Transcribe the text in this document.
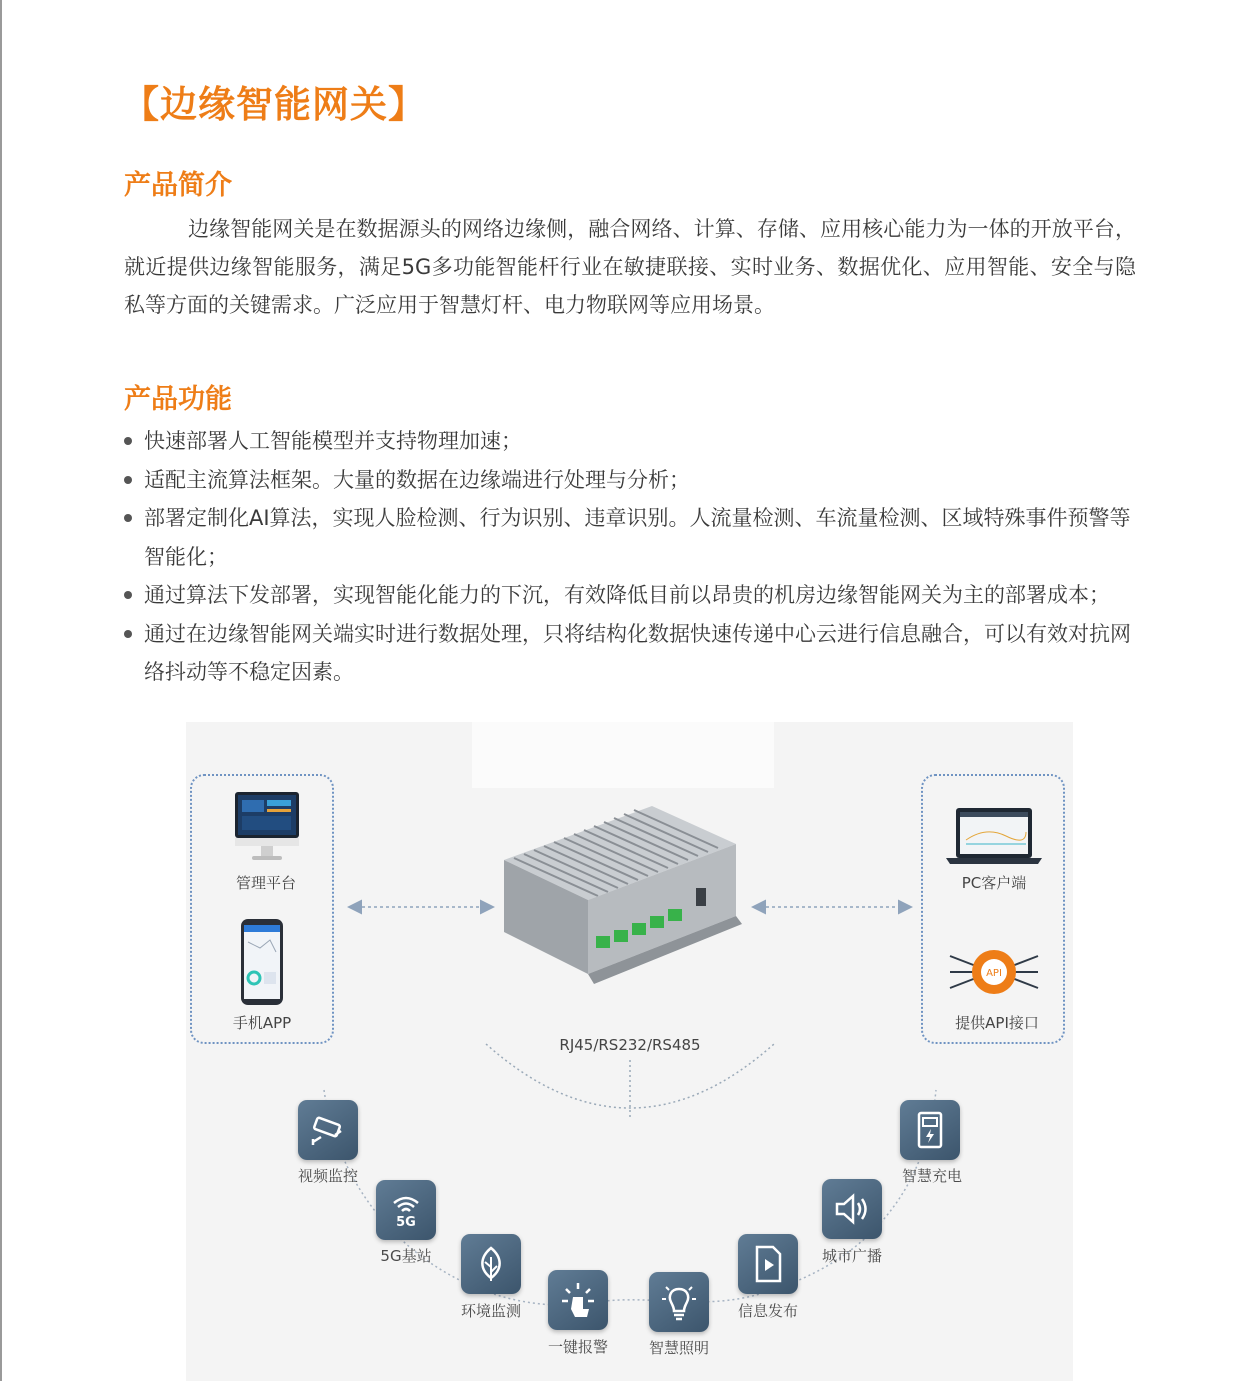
【边缘智能网关】
产品简介

边缘智能网关是在数据源头的网络边缘侧，融合网络、计算、存储、应用核心能力为一体的开放平台，就近提供边缘智能服务，满足5G多功能智能杆行业在敏捷联接、实时业务、数据优化、应用智能、安全与隐私等方面的关键需求。广泛应用于智慧灯杆、电力物联网等应用场景。

产品功能
快速部署人工智能模型并支持物理加速；
适配主流算法框架。大量的数据在边缘端进行处理与分析；
部署定制化AI算法，实现人脸检测、行为识别、违章识别。人流量检测、车流量检测、区域特殊事件预警等智能化；
通过算法下发部署，实现智能化能力的下沉，有效降低目前以昂贵的机房边缘智能网关为主的部署成本；
通过在边缘智能网关端实时进行数据处理，只将结构化数据快速传递中心云进行信息融合，可以有效对抗网络抖动等不稳定因素。
管理平台
手机APP
RJ45/RS232/RS485
PC客户端
API
提供API接口
视频监控
5G
5G基站
环境监测
一键报警	智慧照明
信息发布
城市广播
智慧充电
